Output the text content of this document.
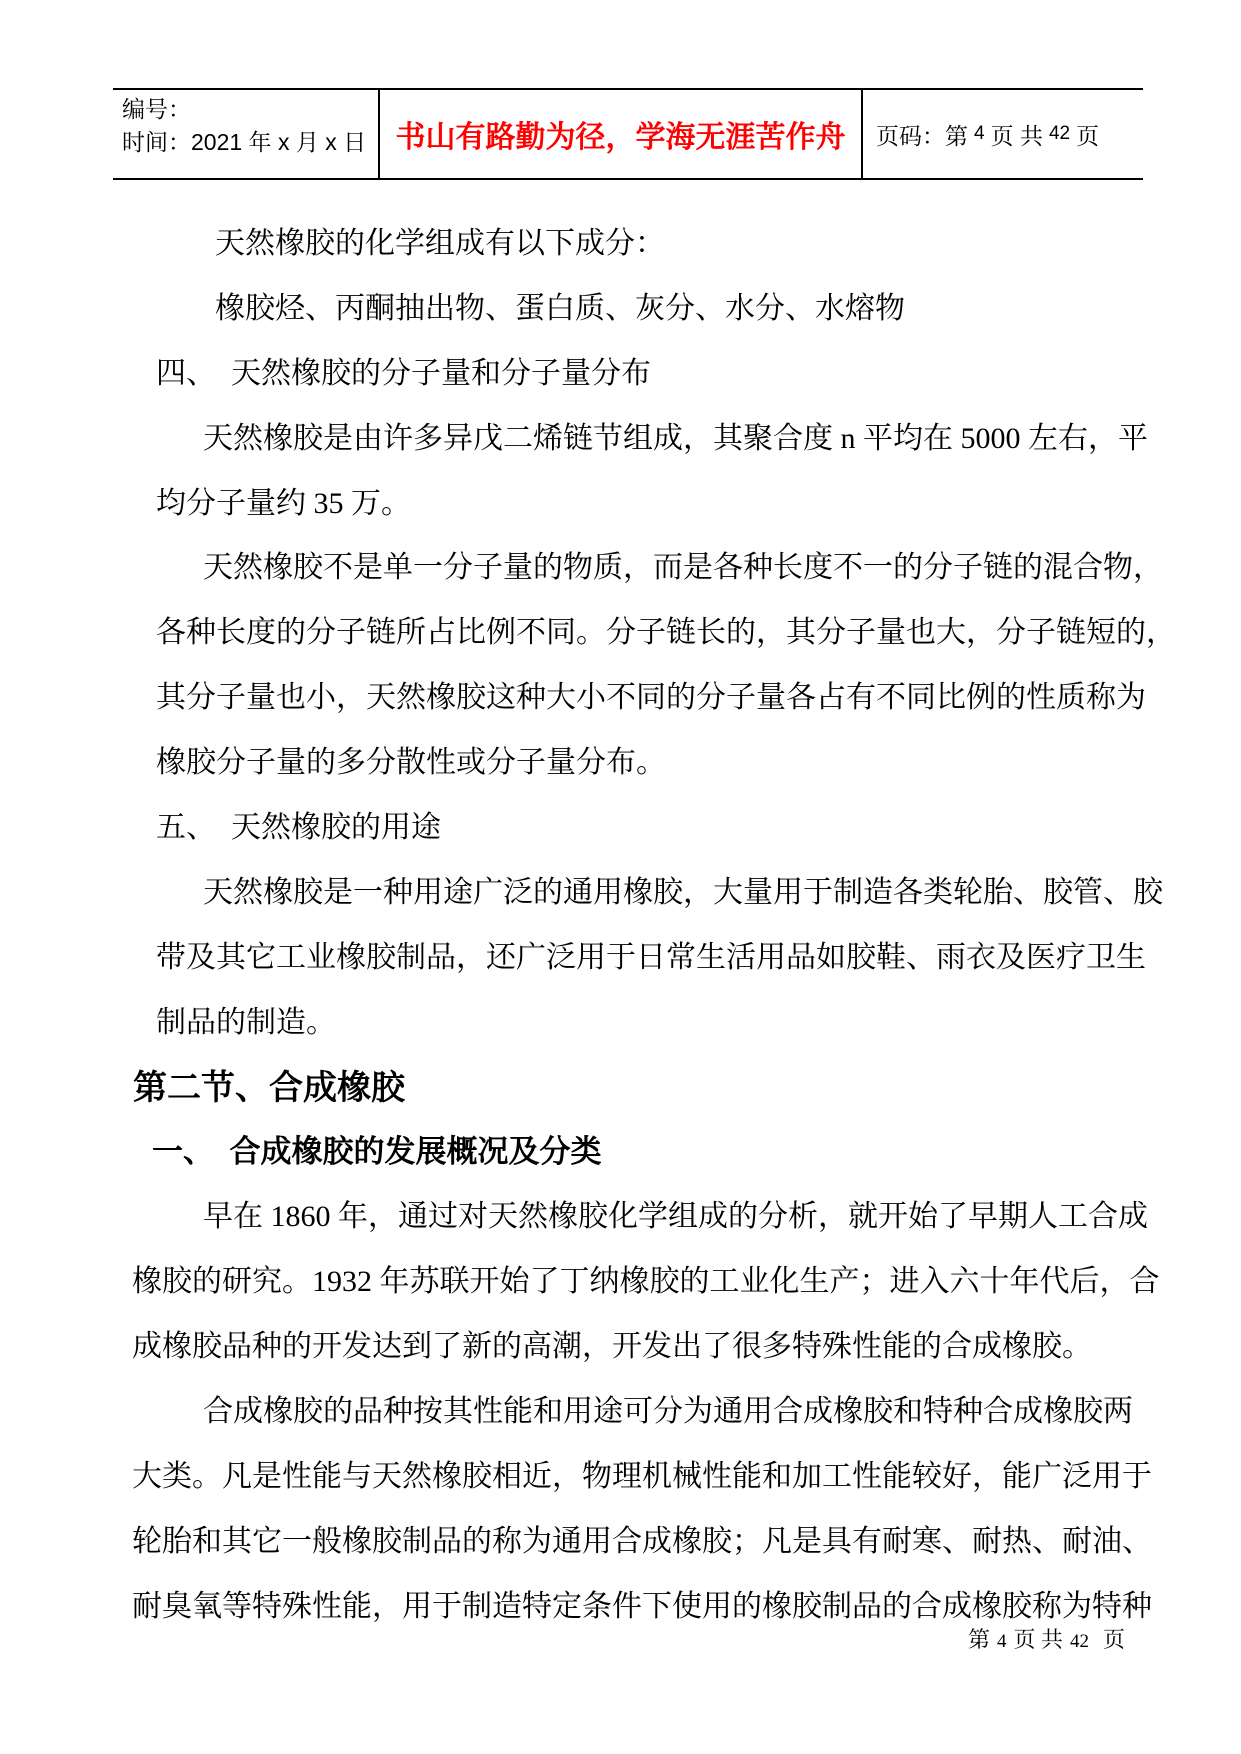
编号：
时间：2021 年 x 月 x 日 书山有路勤为径，学海无涯苦作舟 页码：第 4 页 共 42 页
天然橡胶的化学组成有以下成分：
橡胶烃、丙酮抽出物、蛋白质、灰分、水分、水熔物
四、　天然橡胶的分子量和分子量分布
天然橡胶是由许多异戊二烯链节组成，其聚合度 n 平均在 5000 左右，平
均分子量约 35 万。
天然橡胶不是单一分子量的物质，而是各种长度不一的分子链的混合物，
各种长度的分子链所占比例不同。分子链长的，其分子量也大，分子链短的，
其分子量也小，天然橡胶这种大小不同的分子量各占有不同比例的性质称为
橡胶分子量的多分散性或分子量分布。
五、　天然橡胶的用途
天然橡胶是一种用途广泛的通用橡胶，大量用于制造各类轮胎、胶管、胶
带及其它工业橡胶制品，还广泛用于日常生活用品如胶鞋、雨衣及医疗卫生
制品的制造。
第二节、合成橡胶
一、　合成橡胶的发展概况及分类
早在 1860 年，通过对天然橡胶化学组成的分析，就开始了早期人工合成
橡胶的研究。1932 年苏联开始了丁纳橡胶的工业化生产；进入六十年代后，合
成橡胶品种的开发达到了新的高潮，开发出了很多特殊性能的合成橡胶。
合成橡胶的品种按其性能和用途可分为通用合成橡胶和特种合成橡胶两
大类。凡是性能与天然橡胶相近，物理机械性能和加工性能较好，能广泛用于
轮胎和其它一般橡胶制品的称为通用合成橡胶；凡是具有耐寒、耐热、耐油、
耐臭氧等特殊性能，用于制造特定条件下使用的橡胶制品的合成橡胶称为特种
第 4 页 共 42 页
